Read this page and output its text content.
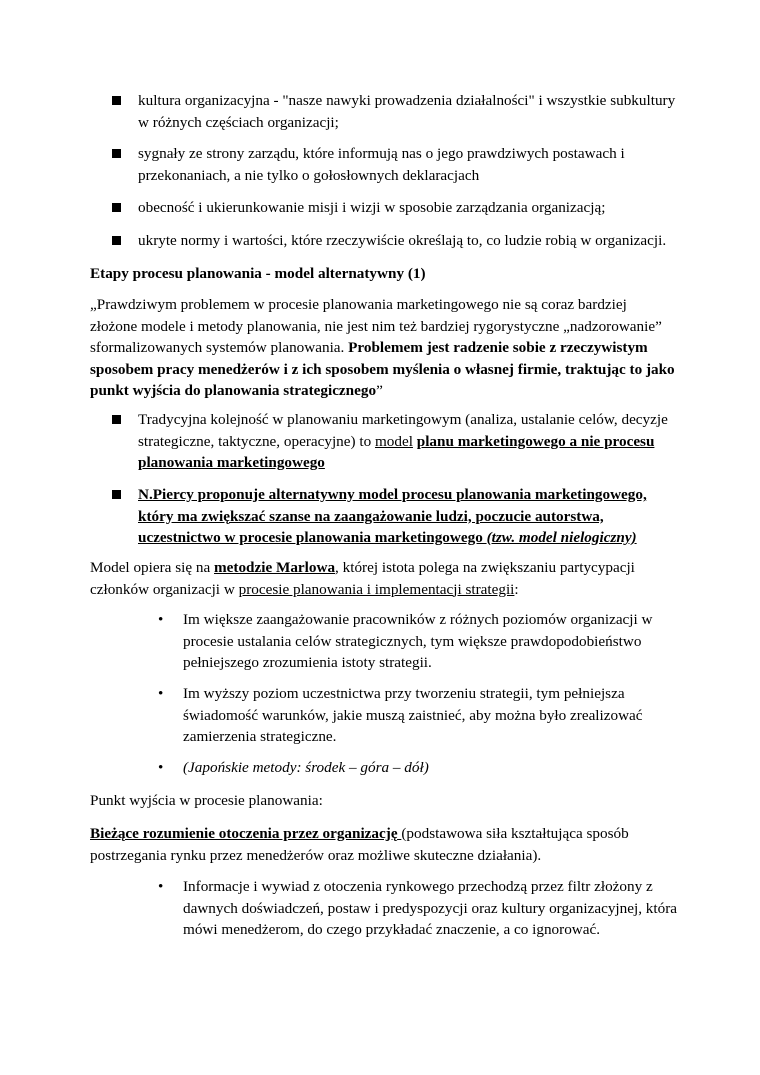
kultura organizacyjna - "nasze nawyki prowadzenia działalności" i wszystkie subkultury w różnych częściach organizacji;
sygnały ze strony zarządu, które informują nas o jego prawdziwych postawach i przekonaniach, a nie tylko o gołosłownych deklaracjach
obecność i ukierunkowanie misji i wizji w sposobie zarządzania organizacją;
ukryte normy i wartości, które rzeczywiście określają to, co ludzie robią w organizacji.

Etapy procesu planowania - model alternatywny (1)

„Prawdziwym problemem w procesie planowania marketingowego nie są coraz bardziej złożone modele i metody planowania, nie jest nim też bardziej rygorystyczne „nadzorowanie” sformalizowanych systemów planowania. Problemem jest radzenie sobie z rzeczywistym sposobem pracy menedżerów i z ich sposobem myślenia o własnej firmie, traktując to jako punkt wyjścia do planowania strategicznego”

Tradycyjna kolejność w planowaniu marketingowym (analiza, ustalanie celów, decyzje strategiczne, taktyczne, operacyjne) to model planu marketingowego a nie procesu planowania marketingowego
N.Piercy proponuje alternatywny model procesu planowania marketingowego, który ma zwiększać szanse na zaangażowanie ludzi, poczucie autorstwa, uczestnictwo w procesie planowania marketingowego (tzw. model nielogiczny)

Model opiera się na metodzie Marlowa, której istota polega na zwiększaniu partycypacji członków organizacji w procesie planowania i implementacji strategii:

• Im większe zaangażowanie pracowników z różnych poziomów organizacji w procesie ustalania celów strategicznych, tym większe prawdopodobieństwo pełniejszego zrozumienia istoty strategii.
• Im wyższy poziom uczestnictwa przy tworzeniu strategii, tym pełniejsza świadomość warunków, jakie muszą zaistnieć, aby można było zrealizować zamierzenia strategiczne.
• (Japońskie metody: środek – góra – dół)

Punkt wyjścia w procesie planowania:

Bieżące rozumienie otoczenia przez organizację (podstawowa siła kształtująca sposób postrzegania rynku przez menedżerów oraz możliwe skuteczne działania).

• Informacje i wywiad z otoczenia rynkowego przechodzą przez filtr złożony z dawnych doświadczeń, postaw i predyspozycji oraz kultury organizacyjnej, która mówi menedżerom, do czego przykładać znaczenie, a co ignorować.
